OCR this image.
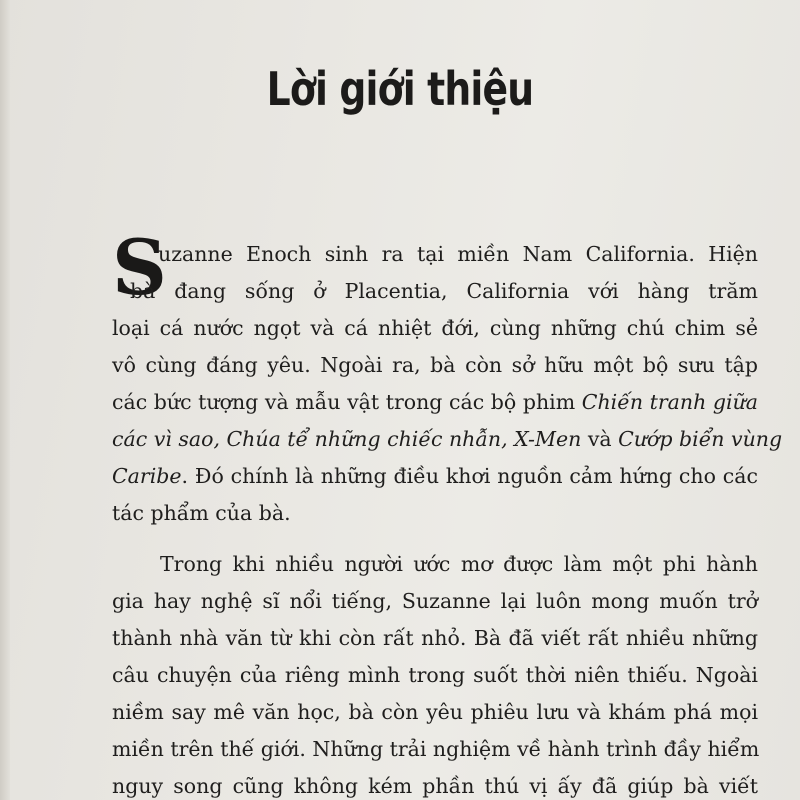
Lời giới thiệu
S
uzanne Enoch sinh ra tại miền Nam California. Hiện
bà đang sống ở Placentia, California với hàng trăm
loại cá nước ngọt và cá nhiệt đới, cùng những chú chim sẻ
vô cùng đáng yêu. Ngoài ra, bà còn sở hữu một bộ sưu tập
các bức tượng và mẫu vật trong các bộ phim Chiến tranh giữa
các vì sao, Chúa tể những chiếc nhẫn, X-Men và Cướp biển vùng
Caribe. Đó chính là những điều khơi nguồn cảm hứng cho các
tác phẩm của bà.
Trong khi nhiều người ước mơ được làm một phi hành
gia hay nghệ sĩ nổi tiếng, Suzanne lại luôn mong muốn trở
thành nhà văn từ khi còn rất nhỏ. Bà đã viết rất nhiều những
câu chuyện của riêng mình trong suốt thời niên thiếu. Ngoài
niềm say mê văn học, bà còn yêu phiêu lưu và khám phá mọi
miền trên thế giới. Những trải nghiệm về hành trình đầy hiểm
nguy song cũng không kém phần thú vị ấy đã giúp bà viết
